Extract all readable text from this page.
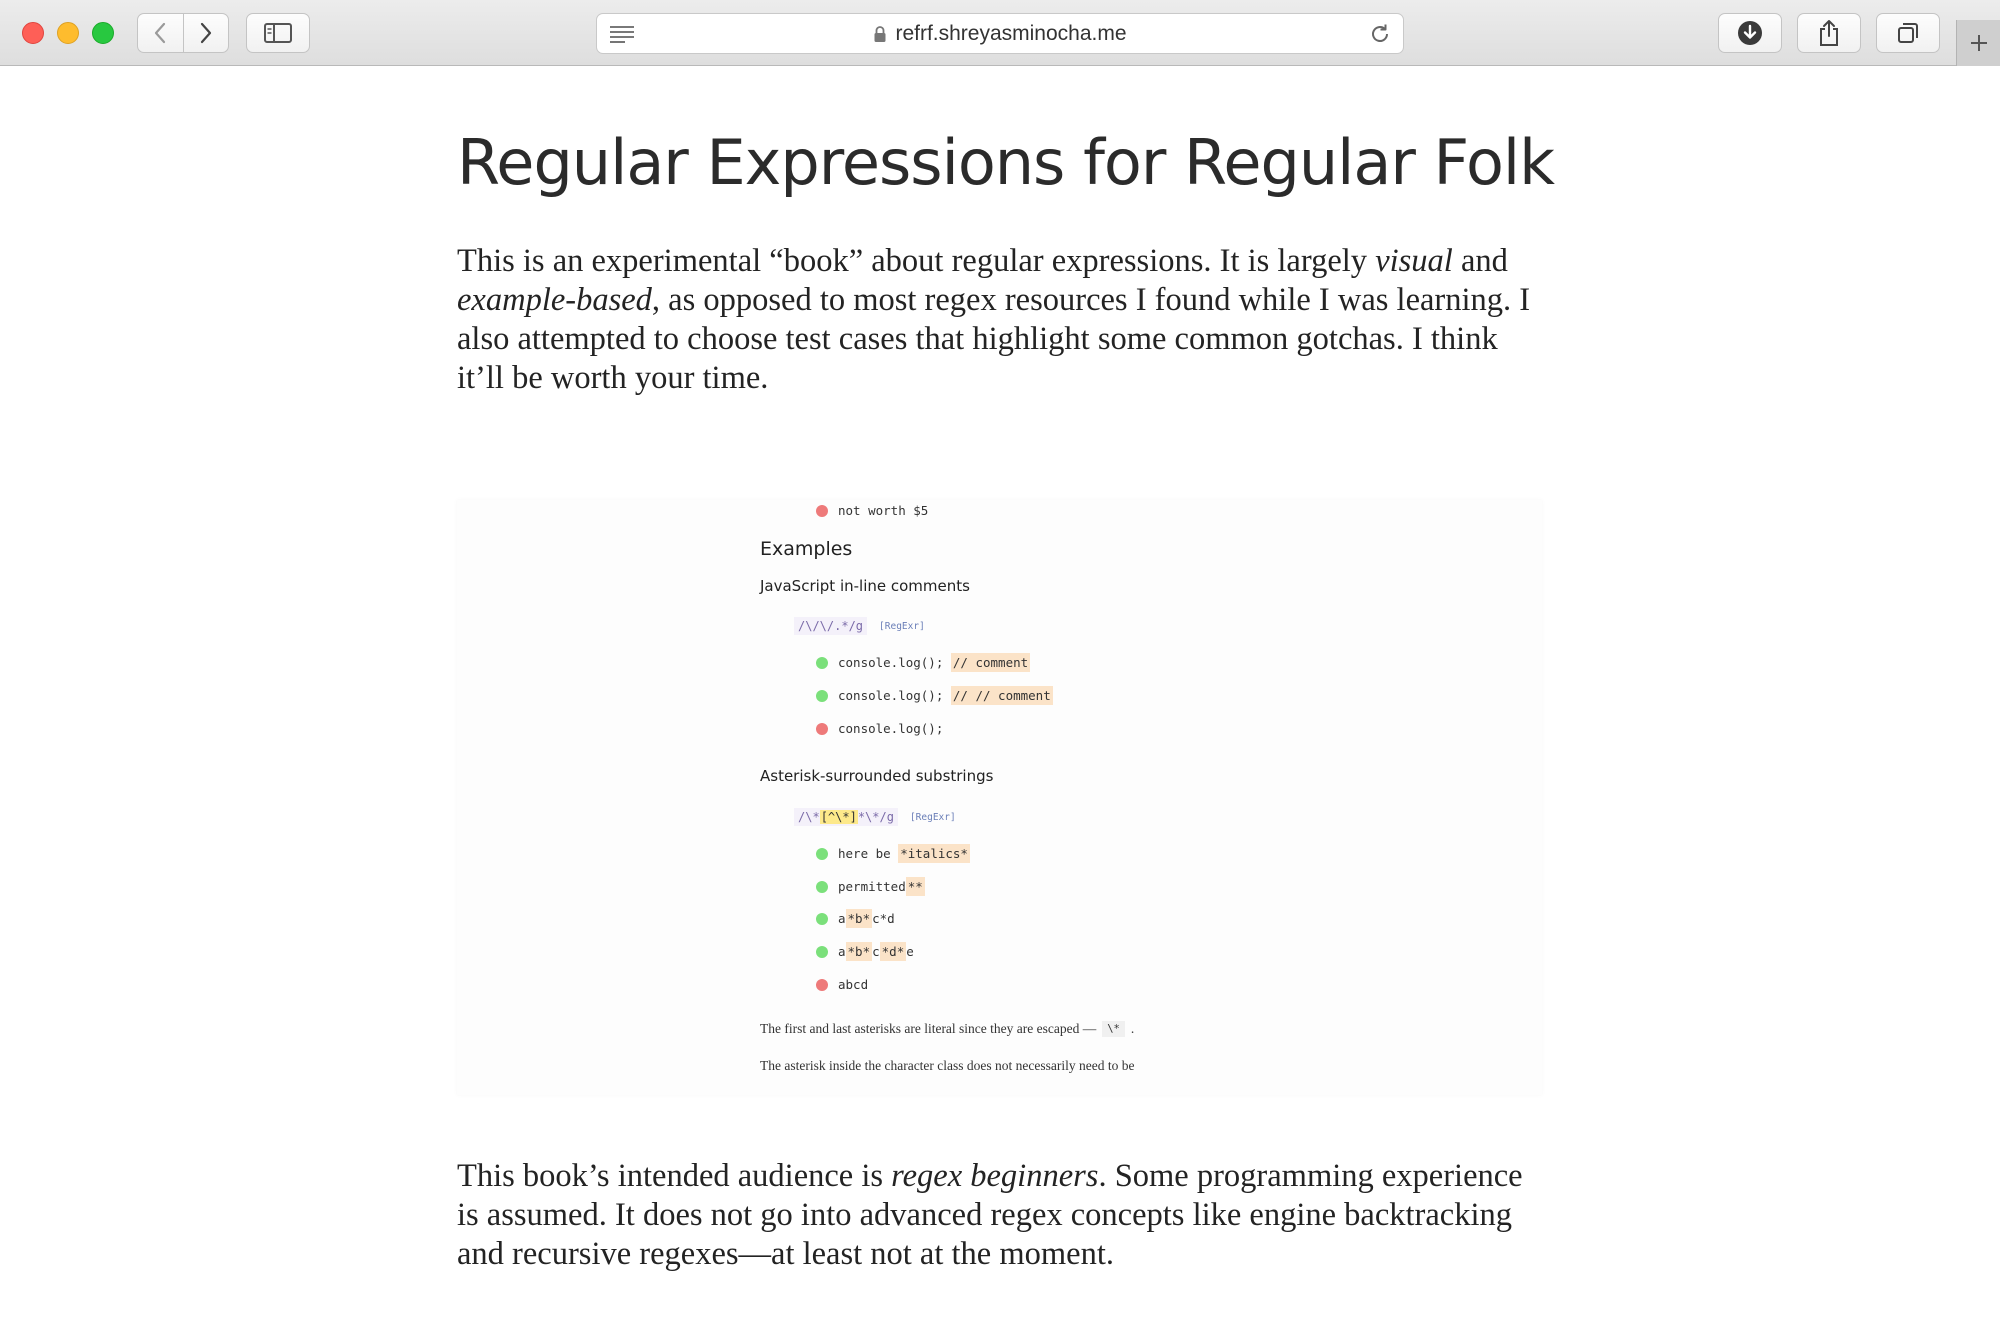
refrf.shreyasminocha.me
Regular Expressions for Regular Folk

This is an experimental “book” about regular expressions. It is largely visual and example-based, as opposed to most regex resources I found while I was learning. I also attempted to choose test cases that highlight some common gotchas. I think it’ll be worth your time.

not worth $5
Examples
JavaScript in-line comments
/\/\/.*/g	[RegExr]
console.log(); // comment
console.log(); // // comment
console.log();
Asterisk-surrounded substrings
/\*[^\*]*\*/g	[RegExr]
here be *italics*
permitted **
a *b* c*d
a *b* c *d* e
abcd
The first and last asterisks are literal since they are escaped —	\* .
The asterisk inside the character class does not necessarily need to be

This book’s intended audience is regex beginners. Some programming experience is assumed. It does not go into advanced regex concepts like engine backtracking and recursive regexes—at least not at the moment.
